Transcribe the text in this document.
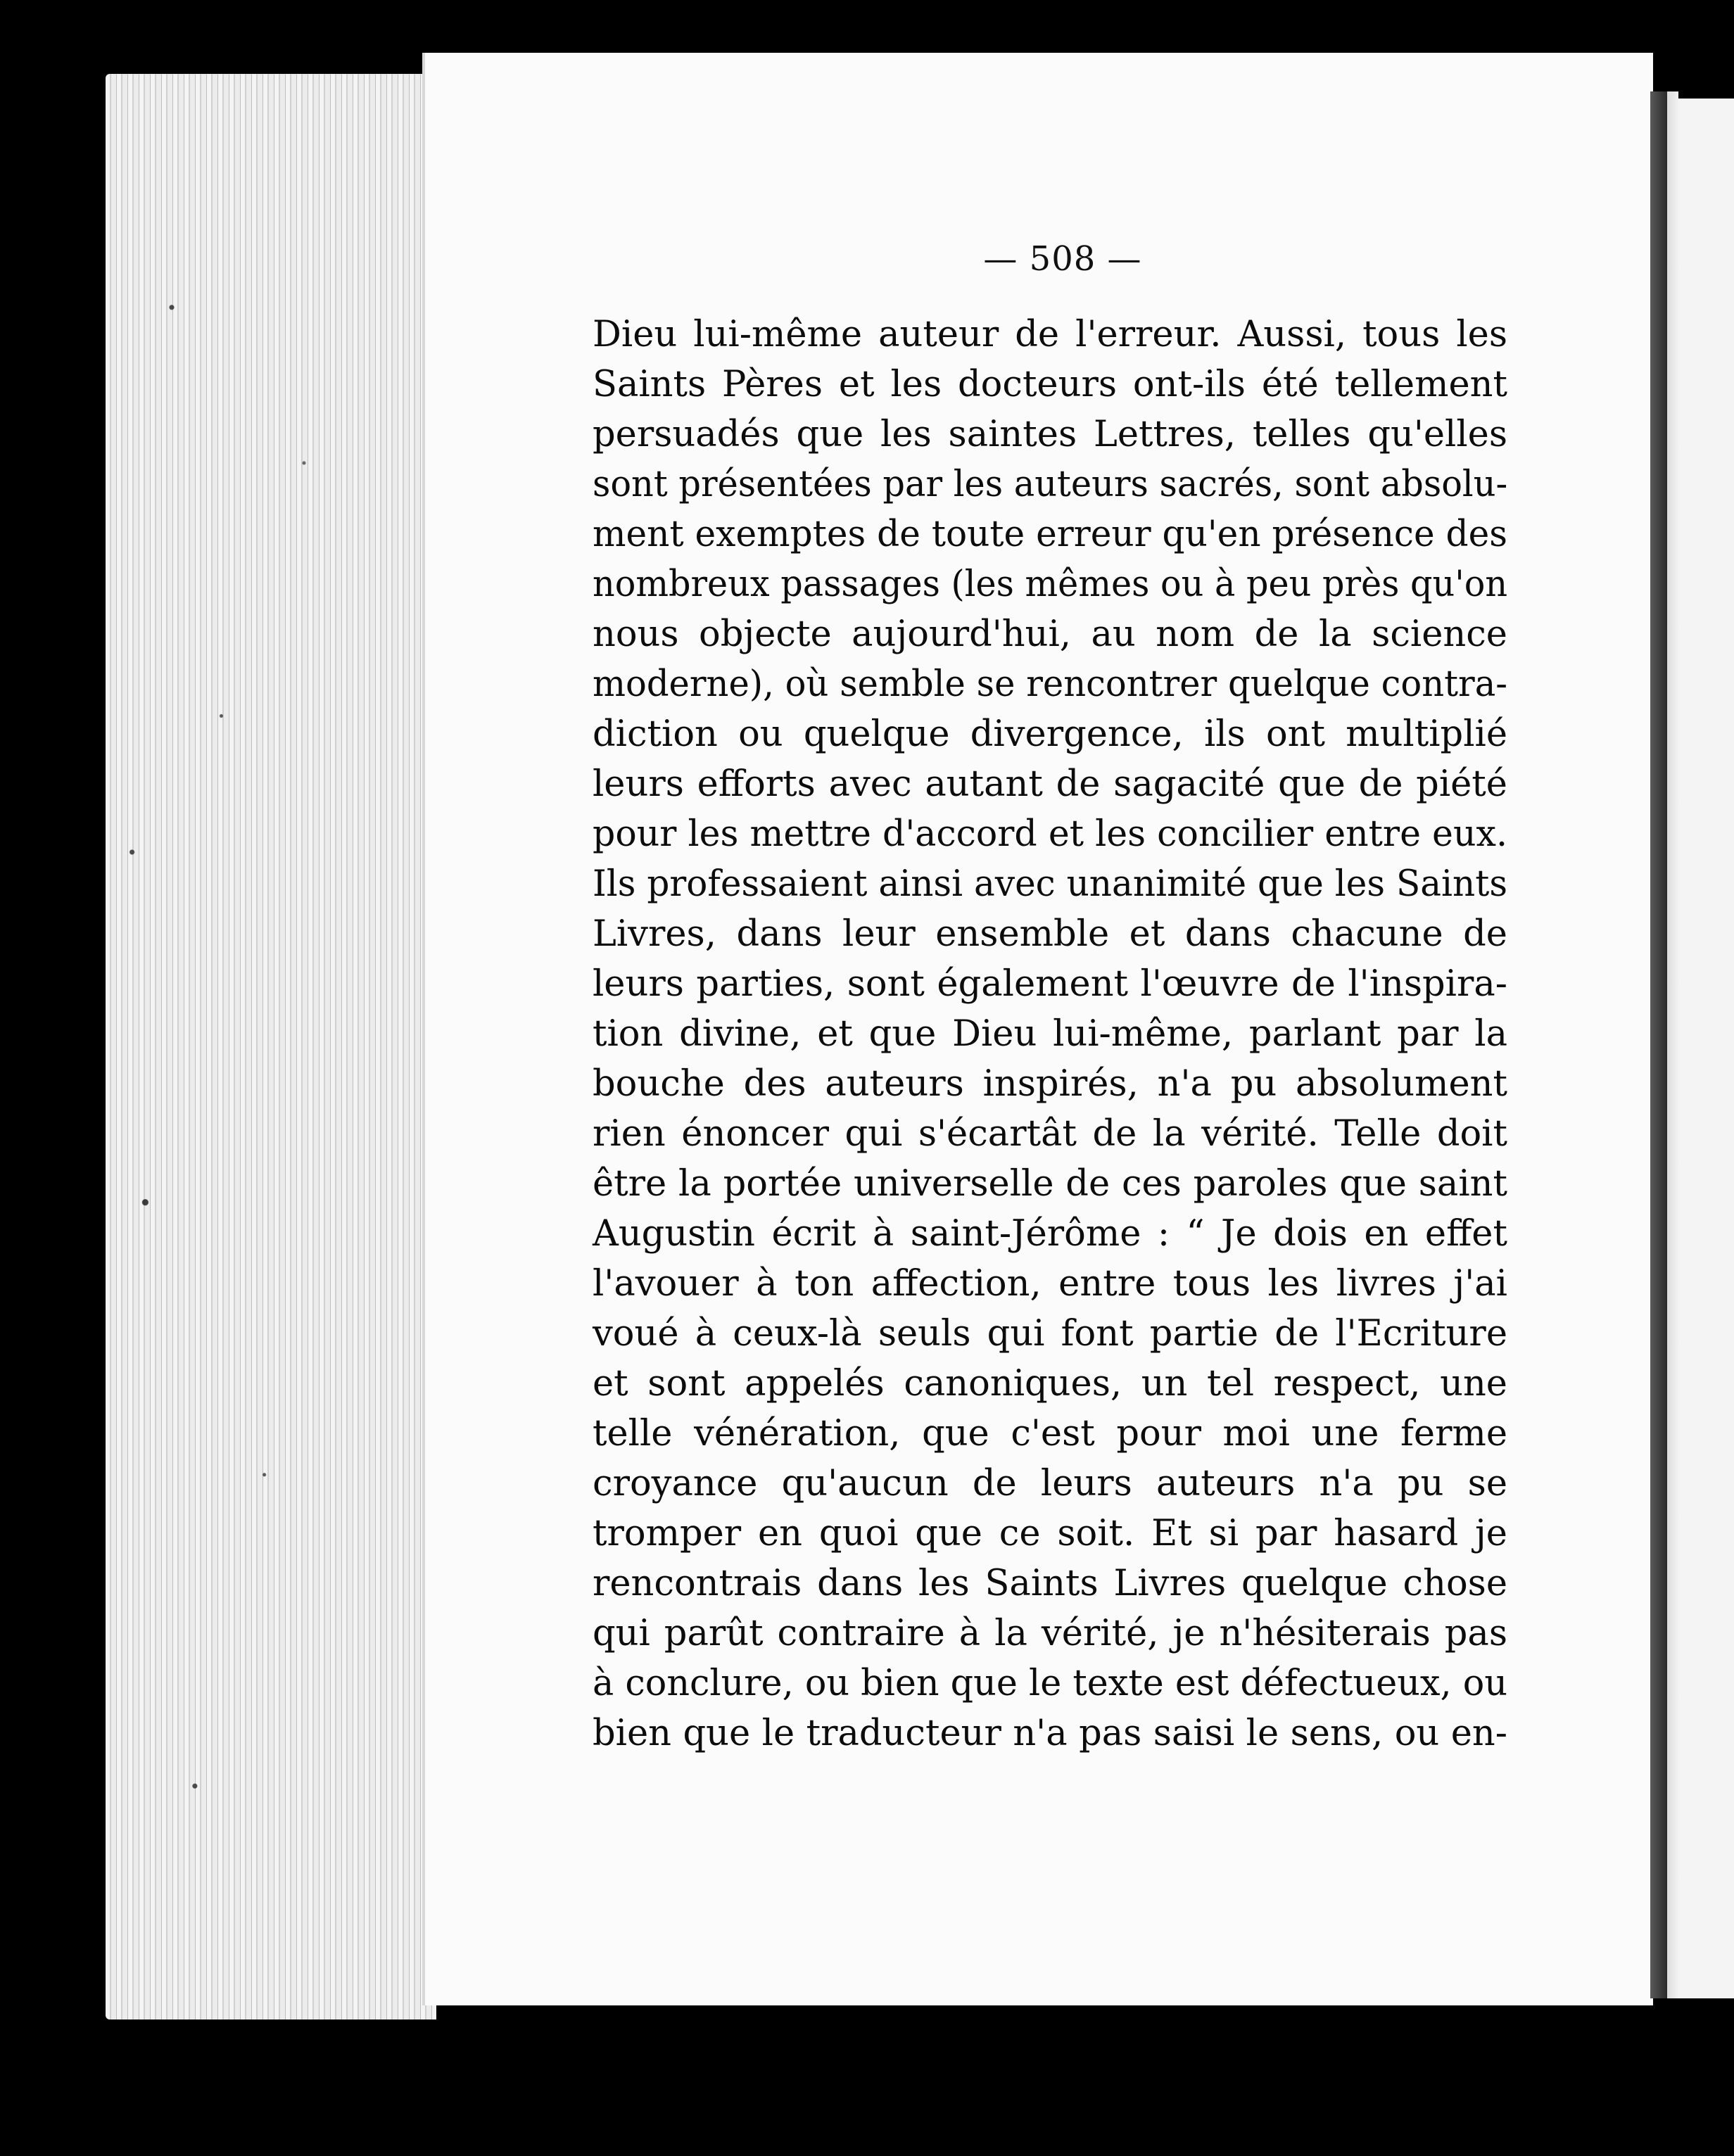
— 508 —
Dieu lui-même auteur de l'erreur. Aussi, tous les
Saints Pères et les docteurs ont-ils été tellement
persuadés que les saintes Lettres, telles qu'elles
sont présentées par les auteurs sacrés, sont absolu-
ment exemptes de toute erreur qu'en présence des
nombreux passages (les mêmes ou à peu près qu'on
nous objecte aujourd'hui, au nom de la science
moderne), où semble se rencontrer quelque contra-
diction ou quelque divergence, ils ont multiplié
leurs efforts avec autant de sagacité que de piété
pour les mettre d'accord et les concilier entre eux.
Ils professaient ainsi avec unanimité que les Saints
Livres, dans leur ensemble et dans chacune de
leurs parties, sont également l'œuvre de l'inspira-
tion divine, et que Dieu lui-même, parlant par la
bouche des auteurs inspirés, n'a pu absolument
rien énoncer qui s'écartât de la vérité. Telle doit
être la portée universelle de ces paroles que saint
Augustin écrit à saint-Jérôme : “ Je dois en effet
l'avouer à ton affection, entre tous les livres j'ai
voué à ceux-là seuls qui font partie de l'Ecriture
et sont appelés canoniques, un tel respect, une
telle vénération, que c'est pour moi une ferme
croyance qu'aucun de leurs auteurs n'a pu se
tromper en quoi que ce soit. Et si par hasard je
rencontrais dans les Saints Livres quelque chose
qui parût contraire à la vérité, je n'hésiterais pas
à conclure, ou bien que le texte est défectueux, ou
bien que le traducteur n'a pas saisi le sens, ou en-
